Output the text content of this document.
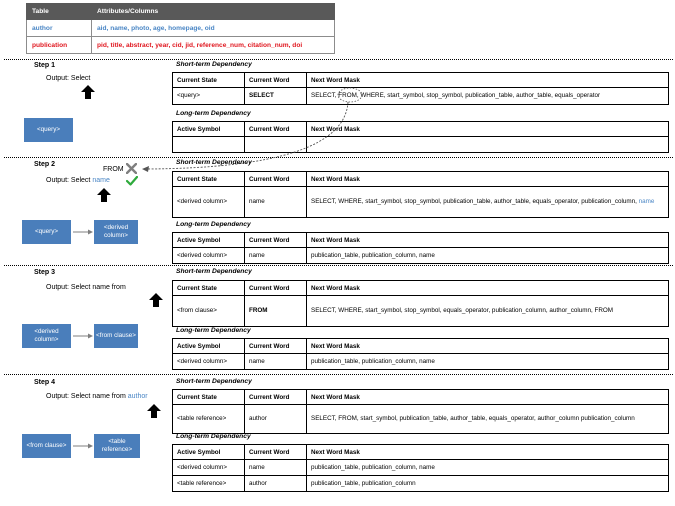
Table	Attributes/Columns
author	aid, name, photo, age, homepage, oid
publication	pid, title, abstract, year, cid, jid, reference_num, citation_num, doi
Step 1
Output: Select
<query>
Short-term Dependency
Current State	Current Word	Next Word Mask
<query>	SELECT	SELECT, FROM, WHERE, start_symbol, stop_symbol, publication_table, author_table, equals_operator
Long-term Dependency
Active Symbol	Current Word	Next Word Mask

Step 2
FROM
Output: Select name
<query>
<derived column>
Short-term Dependency
Current State	Current Word	Next Word Mask
<derived column>	name	SELECT, WHERE, start_symbol, stop_symbol, publication_table, author_table, equals_operator, publication_column, name
Long-term Dependency
Active Symbol	Current Word	Next Word Mask
<derived column>	name	publication_table, publication_column, name
Step 3
Output: Select name from
<derived column>
<from clause>
Short-term Dependency
Current State	Current Word	Next Word Mask
<from clause>	FROM	SELECT, WHERE, start_symbol, stop_symbol, equals_operator, publication_column, author_column, FROM
Long-term Dependency
Active Symbol	Current Word	Next Word Mask
<derived column>	name	publication_table, publication_column, name
Step 4
Output: Select name from author
<from clause>
<table reference>
Short-term Dependency
Current State	Current Word	Next Word Mask
<table reference>	author	SELECT, FROM, start_symbol, publication_table, author_table, equals_operator, author_column publication_column
Long-term Dependency
Active Symbol	Current Word	Next Word Mask
<derived column>	name	publication_table, publication_column, name
<table reference>	author	publication_table, publication_column
